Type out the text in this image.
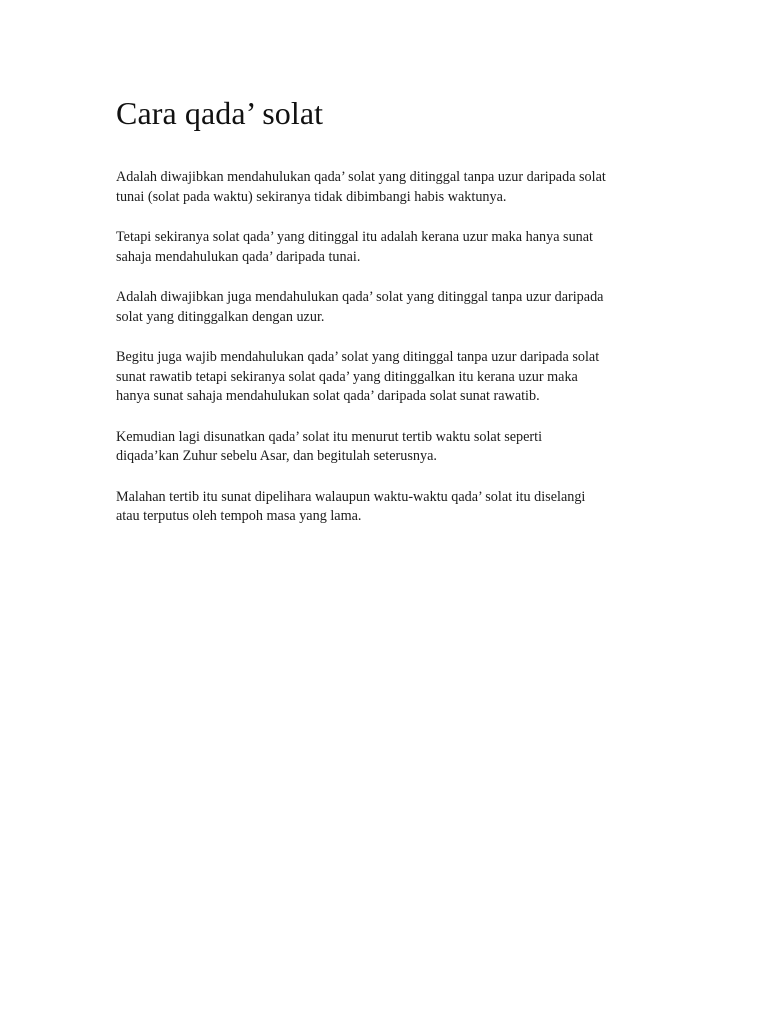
Cara qada’ solat

Adalah diwajibkan mendahulukan qada’ solat yang ditinggal tanpa uzur daripada solat
tunai (solat pada waktu) sekiranya tidak dibimbangi habis waktunya.

Tetapi sekiranya solat qada’ yang ditinggal itu adalah kerana uzur maka hanya sunat
sahaja mendahulukan qada’ daripada tunai.

Adalah diwajibkan juga mendahulukan qada’ solat yang ditinggal tanpa uzur daripada
solat yang ditinggalkan dengan uzur.

Begitu juga wajib mendahulukan qada’ solat yang ditinggal tanpa uzur daripada solat
sunat rawatib tetapi sekiranya solat qada’ yang ditinggalkan itu kerana uzur maka
hanya sunat sahaja mendahulukan solat qada’ daripada solat sunat rawatib.

Kemudian lagi disunatkan qada’ solat itu menurut tertib waktu solat seperti
diqada’kan Zuhur sebelu Asar, dan begitulah seterusnya.

Malahan tertib itu sunat dipelihara walaupun waktu-waktu qada’ solat itu diselangi
atau terputus oleh tempoh masa yang lama.
